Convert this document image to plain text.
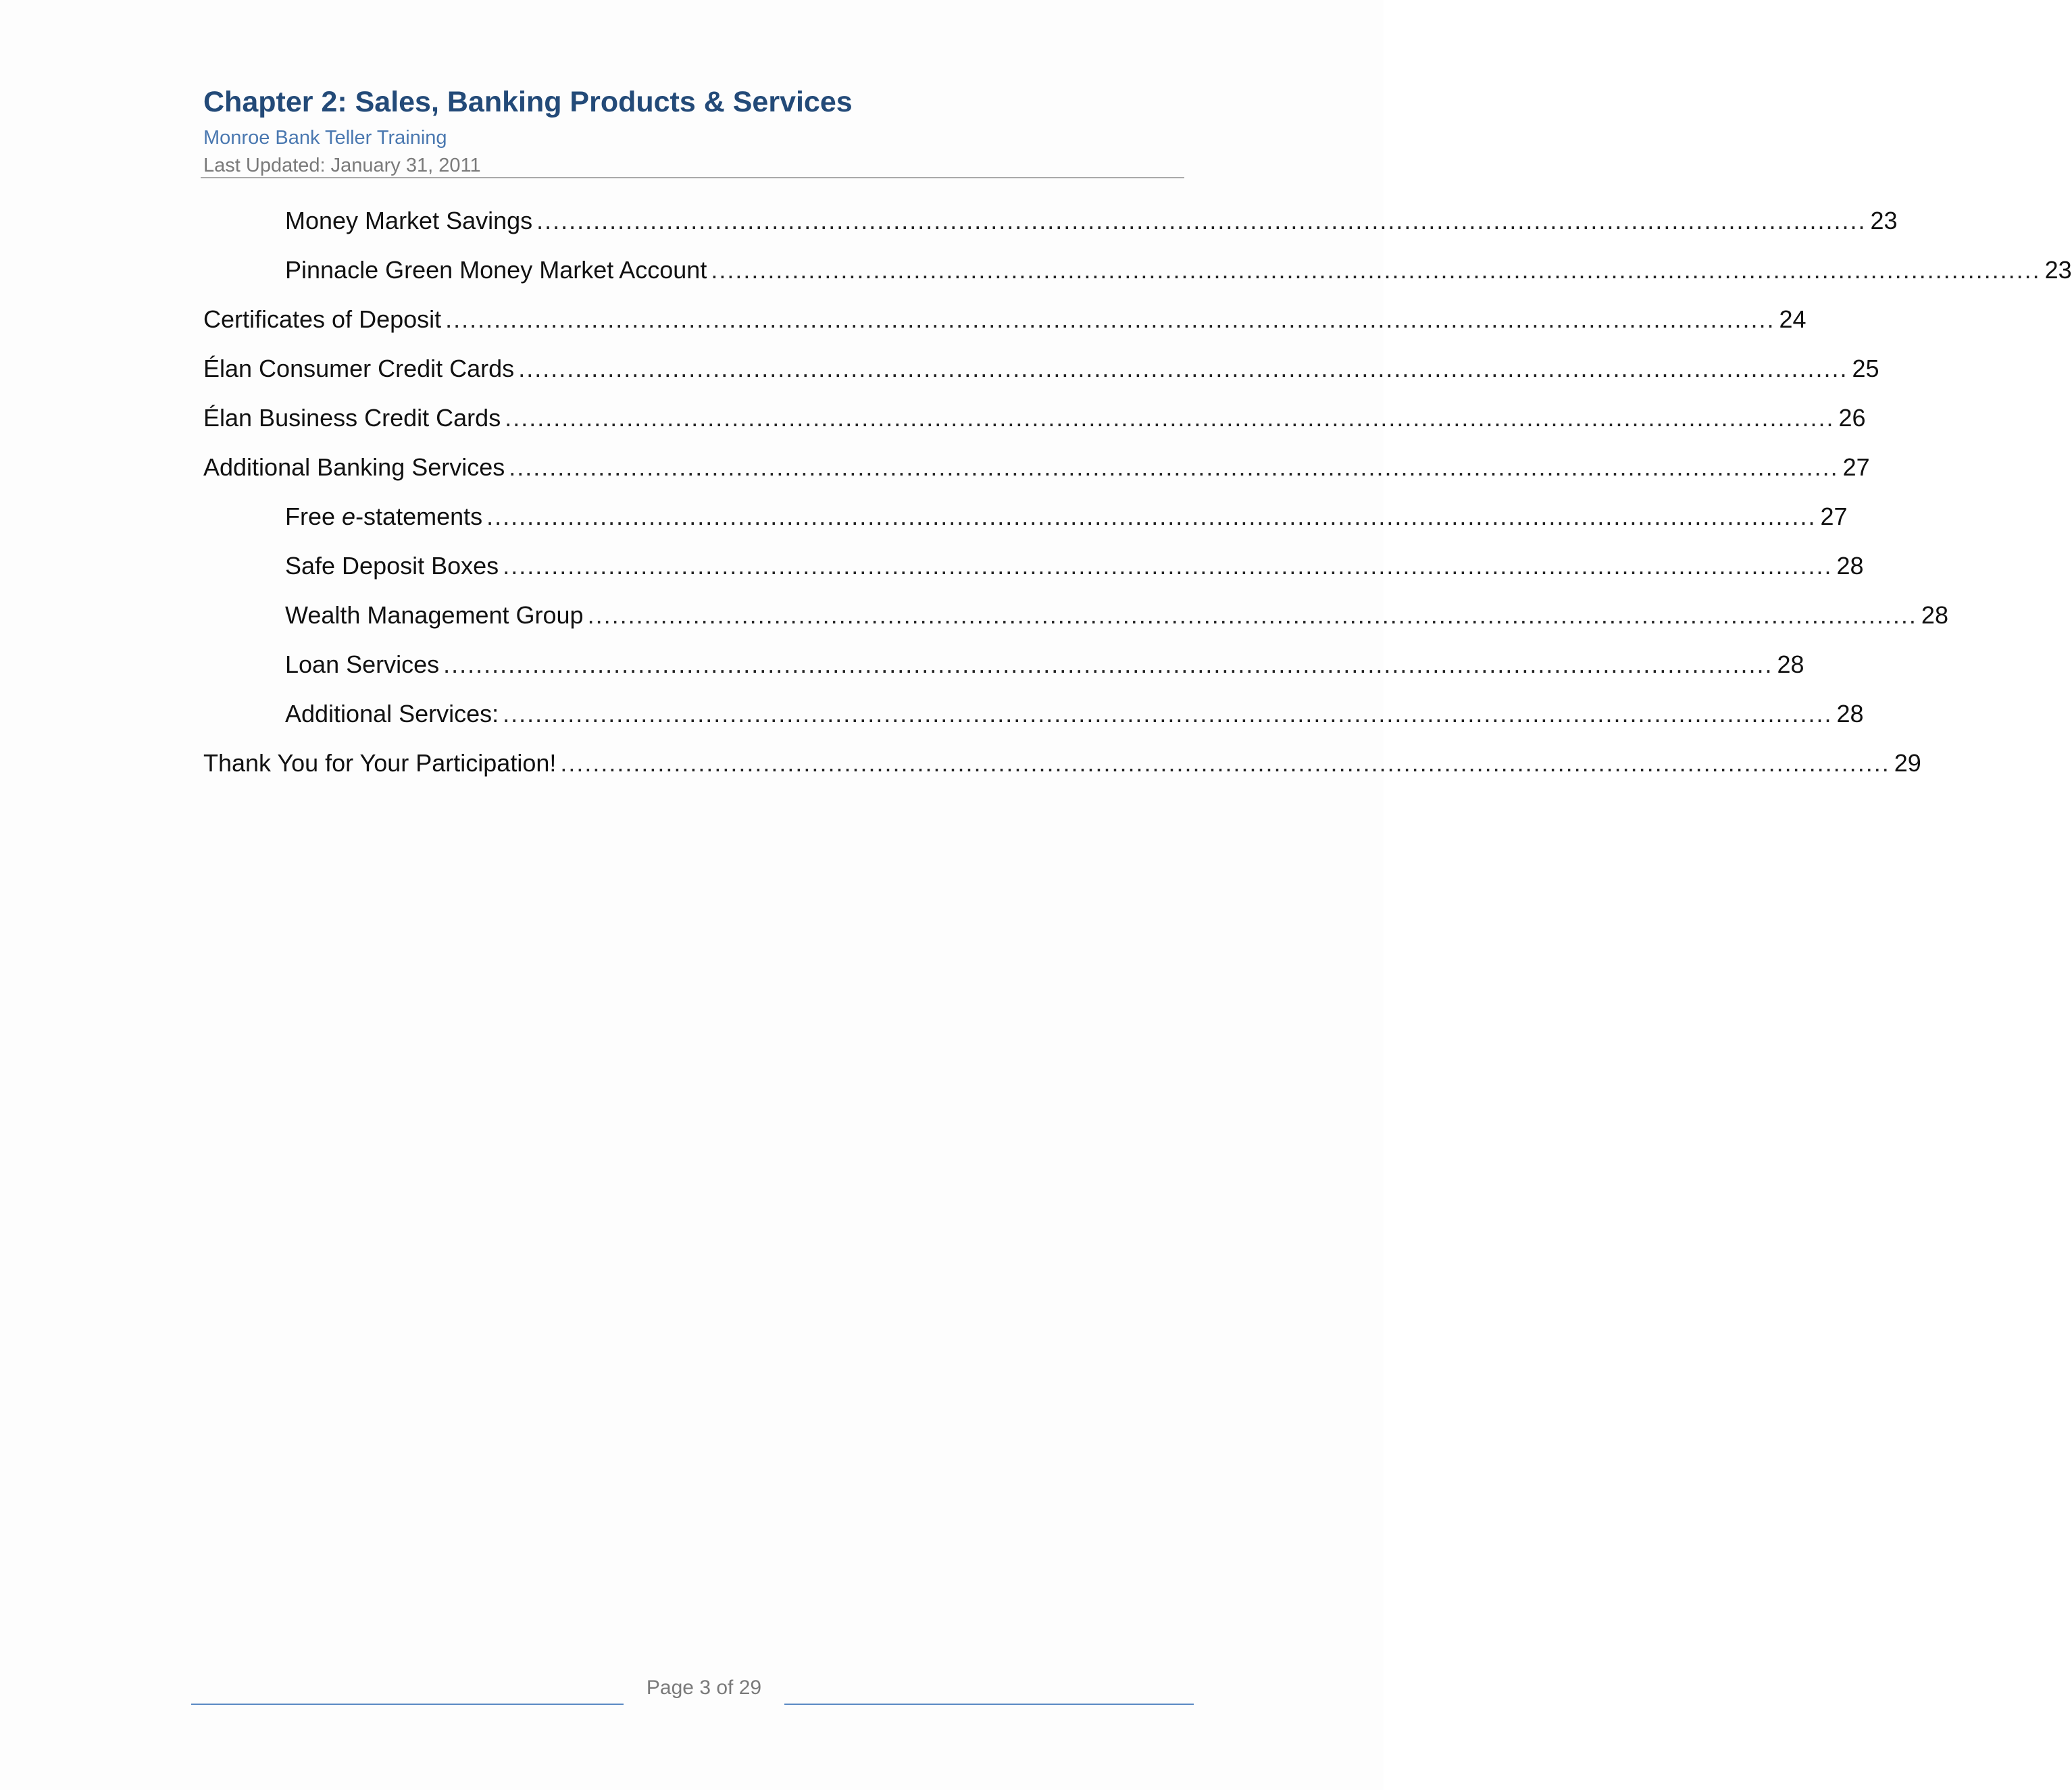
Chapter 2: Sales, Banking Products & Services
Monroe Bank Teller Training
Last Updated: January 31, 2011
Money Market Savings .................................................................................................................................................................... 23
Pinnacle Green Money Market Account .................................................................................................................................................................... 23
Certificates of Deposit .................................................................................................................................................................... 24
Élan Consumer Credit Cards .................................................................................................................................................................... 25
Élan Business Credit Cards .................................................................................................................................................................... 26
Additional Banking Services .................................................................................................................................................................... 27
Free e-statements .................................................................................................................................................................... 27
Safe Deposit Boxes .................................................................................................................................................................... 28
Wealth Management Group .................................................................................................................................................................... 28
Loan Services .................................................................................................................................................................... 28
Additional Services: .................................................................................................................................................................... 28
Thank You for Your Participation! .................................................................................................................................................................... 29
Page 3 of 29
